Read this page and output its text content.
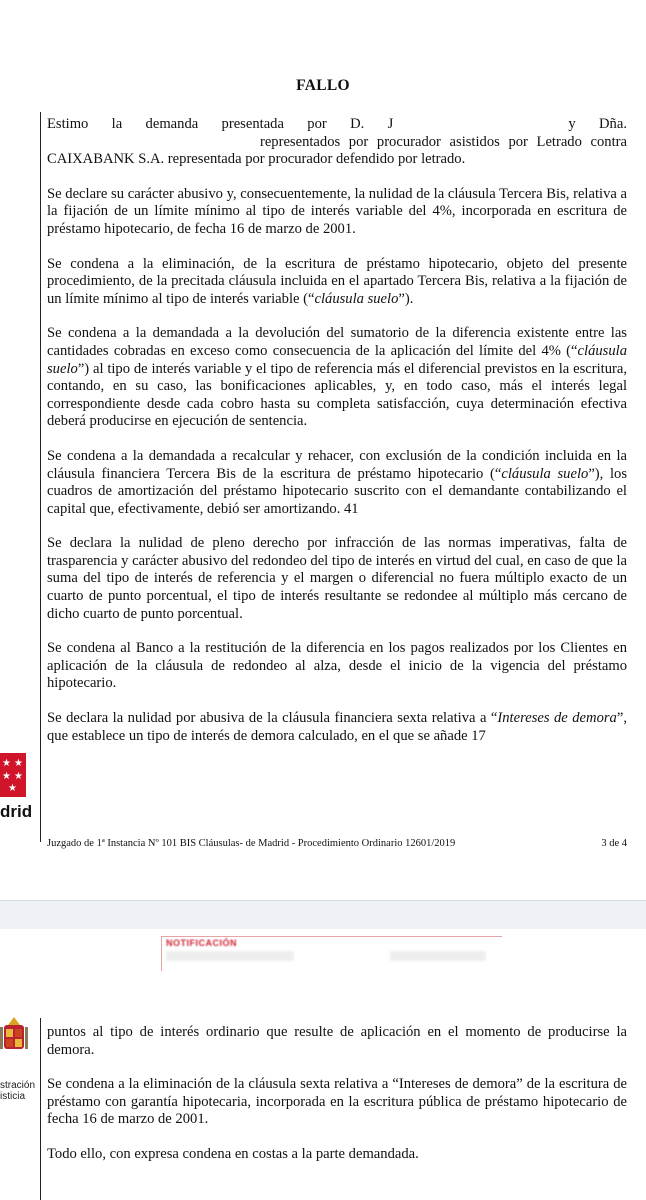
FALLO

Estimo la demanda presentada por D. J	y Dña.  representados por procurador asistidos por Letrado contra CAIXABANK S.A. representada por procurador defendido por letrado.

Se declare su carácter abusivo y, consecuentemente, la nulidad de la cláusula Tercera Bis, relativa a la fijación de un límite mínimo al tipo de interés variable del 4%, incorporada en escritura de préstamo hipotecario, de fecha 16 de marzo de 2001.

Se condena a la eliminación, de la escritura de préstamo hipotecario, objeto del presente procedimiento, de la precitada cláusula incluida en el apartado Tercera Bis, relativa a la fijación de un límite mínimo al tipo de interés variable (“cláusula suelo”).

Se condena a la demandada a la devolución del sumatorio de la diferencia existente entre las cantidades cobradas en exceso como consecuencia de la aplicación del límite del 4% (“cláusula suelo”) al tipo de interés variable y el tipo de referencia más el diferencial previstos en la escritura, contando, en su caso, las bonificaciones aplicables, y, en todo caso, más el interés legal correspondiente desde cada cobro hasta su completa satisfacción, cuya determinación efectiva deberá producirse en ejecución de sentencia.

Se condena a la demandada a recalcular y rehacer, con exclusión de la condición incluida en la cláusula financiera Tercera Bis de la escritura de préstamo hipotecario (“cláusula suelo”), los cuadros de amortización del préstamo hipotecario suscrito con el demandante contabilizando el capital que, efectivamente, debió ser amortizando. 41

Se declara la nulidad de pleno derecho por infracción de las normas imperativas, falta de trasparencia y carácter abusivo del redondeo del tipo de interés en virtud del cual, en caso de que la suma del tipo de interés de referencia y el margen o diferencial no fuera múltiplo exacto de un cuarto de punto porcentual, el tipo de interés resultante se redondee al múltiplo más cercano de dicho cuarto de punto porcentual.

Se condena al Banco a la restitución de la diferencia en los pagos realizados por los Clientes en aplicación de la cláusula de redondeo al alza, desde el inicio de la vigencia del préstamo hipotecario.

Se declara la nulidad por abusiva de la cláusula financiera sexta relativa a “Intereses de demora”, que establece un tipo de interés de demora calculado, en el que se añade 17

★ ★
★ ★
★
drid
Juzgado de 1ª Instancia Nº 101 BIS Cláusulas- de Madrid - Procedimiento Ordinario 12601/2019	3 de 4
NOTIFICACIÓN
stración
isticia

puntos al tipo de interés ordinario que resulte de aplicación en el momento de producirse la demora.

Se condena a la eliminación de la cláusula sexta relativa a “Intereses de demora” de la escritura de préstamo con garantía hipotecaria, incorporada en la escritura pública de préstamo hipotecario de fecha 16 de marzo de 2001.

Todo ello, con expresa condena en costas a la parte demandada.
